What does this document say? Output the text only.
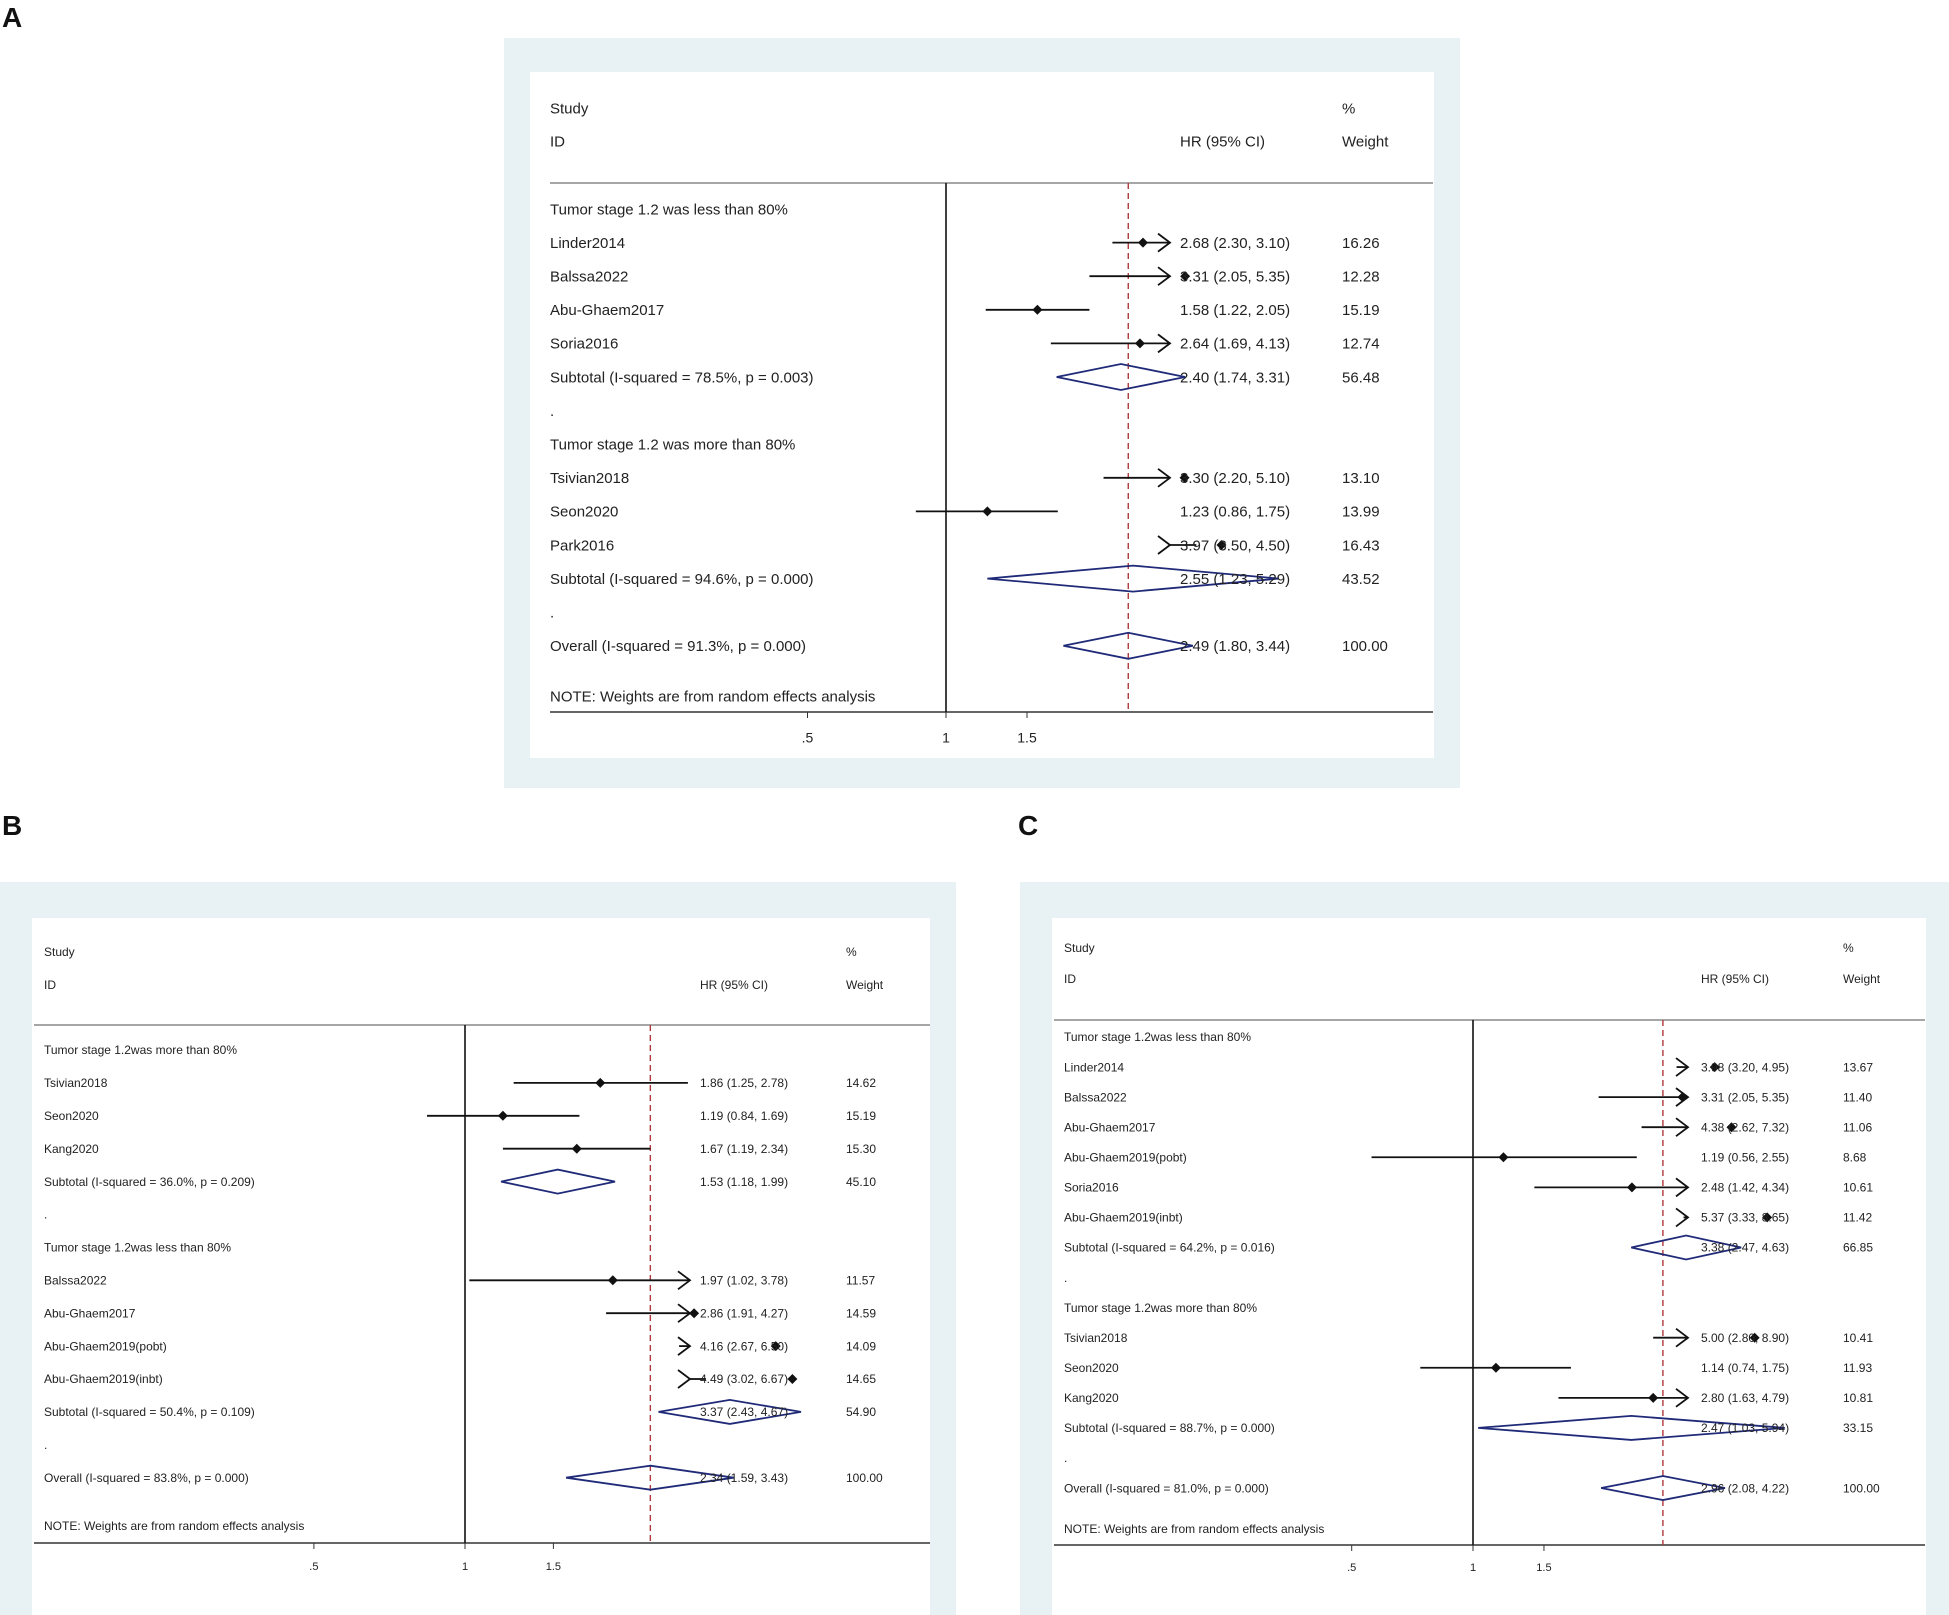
A
B	C
Study
ID	HR (95% CI)
%
Weight
.5	1	1.5
Tumor stage 1.2 was less than 80%
Linder2014	2.68 (2.30, 3.10)	16.26
Balssa2022	3.31 (2.05, 5.35)	12.28
Abu-Ghaem2017	1.58 (1.22, 2.05)	15.19
Soria2016	2.64 (1.69, 4.13)	12.74
Subtotal (I-squared = 78.5%, p = 0.003)	2.40 (1.74, 3.31)	56.48
.
Tumor stage 1.2 was more than 80%
Tsivian2018	3.30 (2.20, 5.10)	13.10
Seon2020	1.23 (0.86, 1.75)	13.99
Park2016	3.97 (3.50, 4.50)	16.43
Subtotal (I-squared = 94.6%, p = 0.000)	2.55 (1.23, 5.29)	43.52
.
Overall (I-squared = 91.3%, p = 0.000)	2.49 (1.80, 3.44)	100.00
NOTE: Weights are from random effects analysis
Study
ID	HR (95% CI)
%
Weight
.5	1	1.5
Tumor stage 1.2was more than 80%
Tsivian2018	1.86 (1.25, 2.78)	14.62
Seon2020	1.19 (0.84, 1.69)	15.19
Kang2020	1.67 (1.19, 2.34)	15.30
Subtotal (I-squared = 36.0%, p = 0.209)	1.53 (1.18, 1.99)	45.10
.
Tumor stage 1.2was less than 80%
Balssa2022	1.97 (1.02, 3.78)	11.57
Abu-Ghaem2017	2.86 (1.91, 4.27)	14.59
Abu-Ghaem2019(pobt)	4.16 (2.67, 6.50)	14.09
Abu-Ghaem2019(inbt)	4.49 (3.02, 6.67)	14.65
Subtotal (I-squared = 50.4%, p = 0.109)	3.37 (2.43, 4.67)	54.90
.
Overall (I-squared = 83.8%, p = 0.000)	2.34 (1.59, 3.43)	100.00
NOTE: Weights are from random effects analysis
Study
ID	HR (95% CI)
%
Weight
.5	1	1.5
Tumor stage 1.2was less than 80%
Linder2014	3.98 (3.20, 4.95)	13.67
Balssa2022	3.31 (2.05, 5.35)	11.40
Abu-Ghaem2017	4.38 (2.62, 7.32)	11.06
Abu-Ghaem2019(pobt)	1.19 (0.56, 2.55)	8.68
Soria2016	2.48 (1.42, 4.34)	10.61
Abu-Ghaem2019(inbt)	5.37 (3.33, 8.65)	11.42
Subtotal (I-squared = 64.2%, p = 0.016)	3.38 (2.47, 4.63)	66.85
.
Tumor stage 1.2was more than 80%
Tsivian2018	5.00 (2.80, 8.90)	10.41
Seon2020	1.14 (0.74, 1.75)	11.93
Kang2020	2.80 (1.63, 4.79)	10.81
Subtotal (I-squared = 88.7%, p = 0.000)	2.47 (1.03, 5.94)	33.15
.
Overall (I-squared = 81.0%, p = 0.000)	2.96 (2.08, 4.22)	100.00
NOTE: Weights are from random effects analysis
